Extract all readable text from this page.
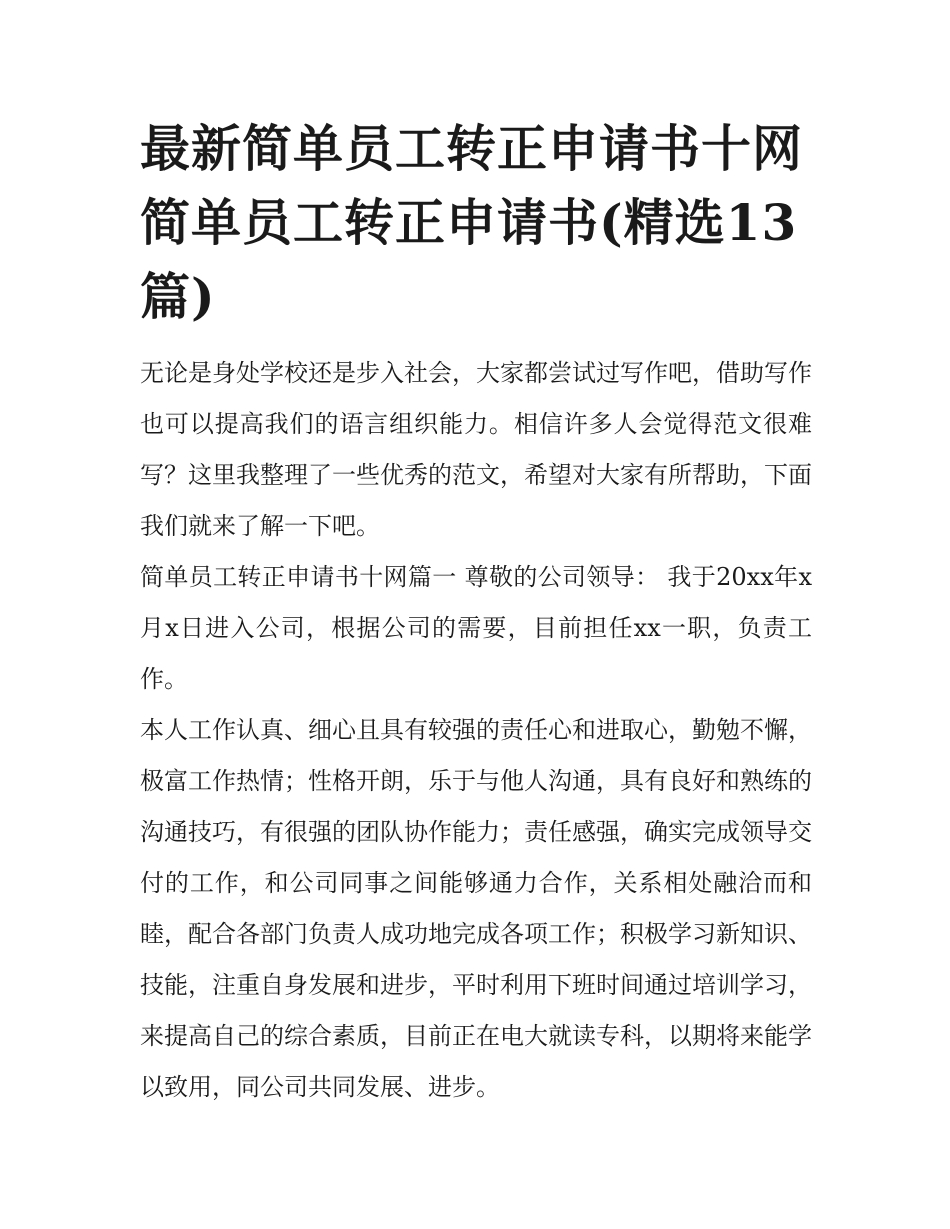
最新简单员工转正申请书十网简单员工转正申请书(精选13篇)

无论是身处学校还是步入社会，大家都尝试过写作吧，借助写作也可以提高我们的语言组织能力。相信许多人会觉得范文很难写？这里我整理了一些优秀的范文，希望对大家有所帮助，下面我们就来了解一下吧。

简单员工转正申请书十网篇一 尊敬的公司领导： 我于20xx年x月x日进入公司，根据公司的需要，目前担任xx一职，负责工作。

本人工作认真、细心且具有较强的责任心和进取心，勤勉不懈，极富工作热情；性格开朗，乐于与他人沟通，具有良好和熟练的沟通技巧，有很强的团队协作能力；责任感强，确实完成领导交付的工作，和公司同事之间能够通力合作，关系相处融洽而和睦，配合各部门负责人成功地完成各项工作；积极学习新知识、技能，注重自身发展和进步，平时利用下班时间通过培训学习，来提高自己的综合素质，目前正在电大就读专科，以期将来能学以致用，同公司共同发展、进步。
